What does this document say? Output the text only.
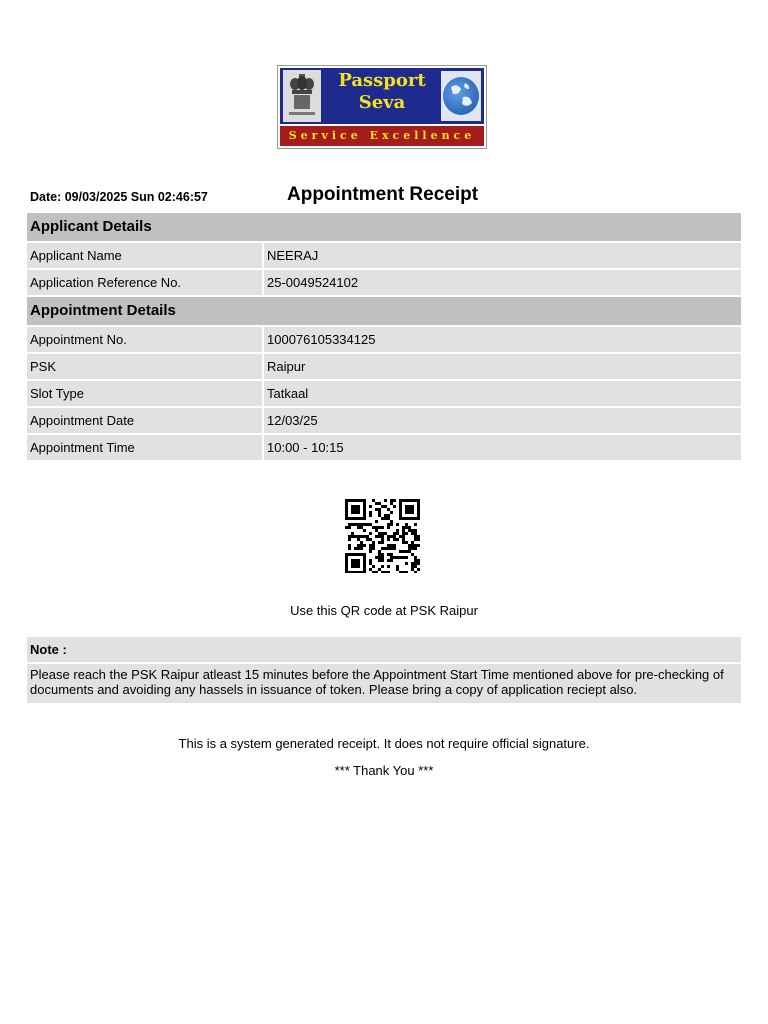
Passport
Seva
Service Excellence
Date: 09/03/2025 Sun 02:46:57	Appointment Receipt
Applicant Details
Applicant Name	NEERAJ
Application Reference No.	25-0049524102
Appointment Details
Appointment No.	100076105334125
PSK	Raipur
Slot Type	Tatkaal
Appointment Date	12/03/25
Appointment Time	10:00 - 10:15
Use this QR code at PSK Raipur
Note :
Please reach the PSK Raipur atleast 15 minutes before the Appointment Start Time mentioned above for pre-checking of documents and avoiding any hassels in issuance of token. Please bring a copy of application reciept also.
This is a system generated receipt. It does not require official signature.
*** Thank You ***
